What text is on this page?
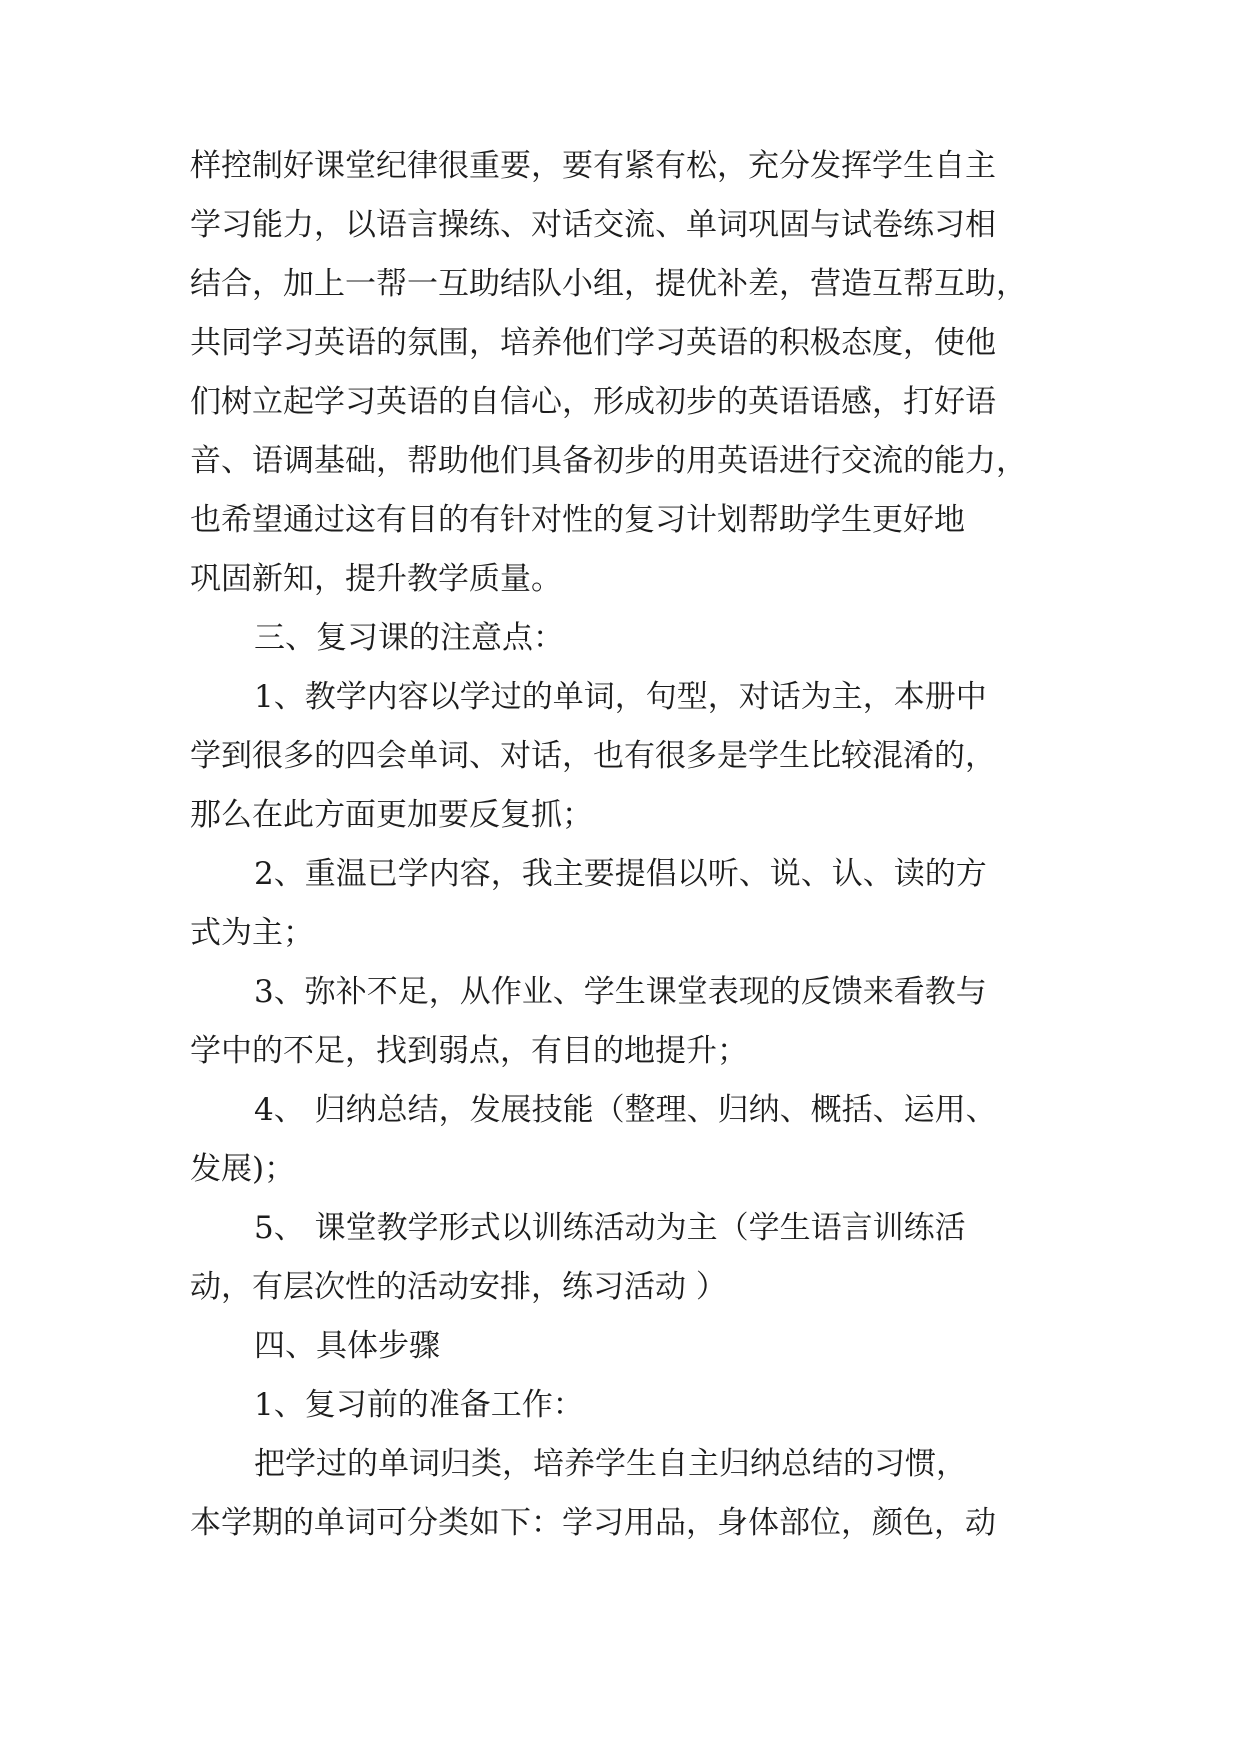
样控制好课堂纪律很重要，要有紧有松，充分发挥学生自主
学习能力，以语言操练、对话交流、单词巩固与试卷练习相
结合，加上一帮一互助结队小组，提优补差，营造互帮互助，
共同学习英语的氛围，培养他们学习英语的积极态度，使他
们树立起学习英语的自信心，形成初步的英语语感，打好语
音、语调基础，帮助他们具备初步的用英语进行交流的能力，
也希望通过这有目的有针对性的复习计划帮助学生更好地
巩固新知，提升教学质量。
三、复习课的注意点：
1、教学内容以学过的单词，句型，对话为主，本册中
学到很多的四会单词、对话，也有很多是学生比较混淆的，
那么在此方面更加要反复抓；
2、重温已学内容，我主要提倡以听、说、认、读的方
式为主；
3、弥补不足，从作业、学生课堂表现的反馈来看教与
学中的不足，找到弱点，有目的地提升；
4、 归纳总结，发展技能（整理、归纳、概括、运用、
发展)；
5、 课堂教学形式以训练活动为主（学生语言训练活
动，有层次性的活动安排，练习活动 ）
四、具体步骤
1、复习前的准备工作：
把学过的单词归类，培养学生自主归纳总结的习惯，
本学期的单词可分类如下：学习用品，身体部位，颜色，动
